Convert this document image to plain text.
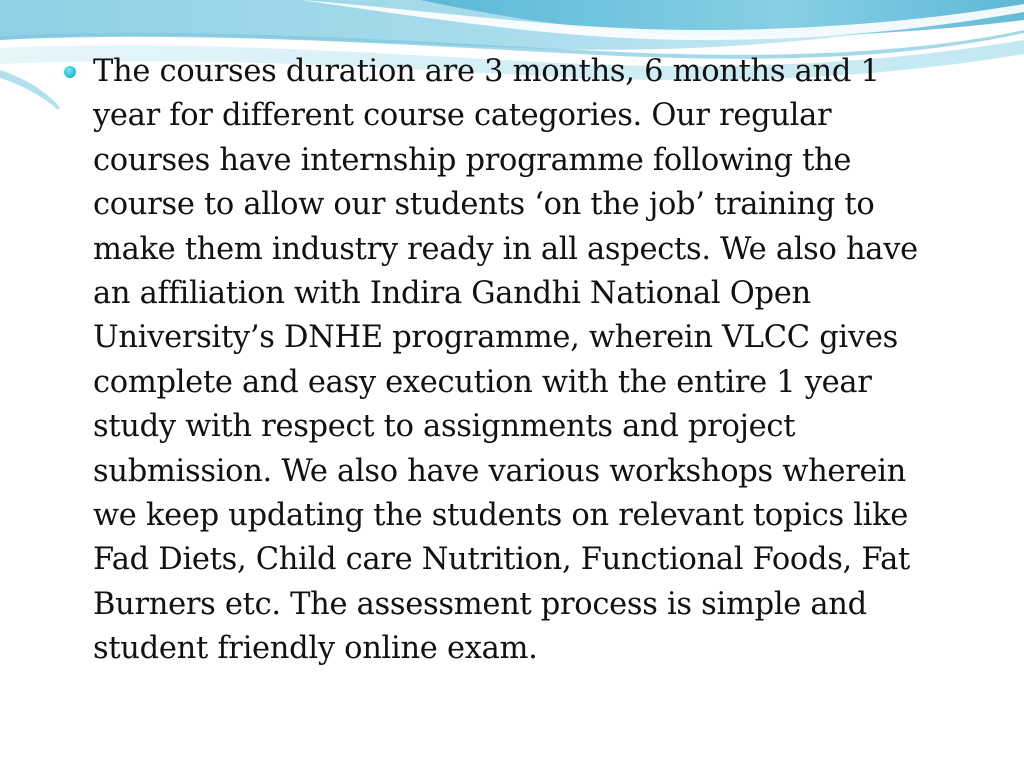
The courses duration are 3 months, 6 months and 1 year for different course categories. Our regular courses have internship programme following the course to allow our students ‘on the job’ training to make them industry ready in all aspects. We also have an affiliation with Indira Gandhi National Open University’s DNHE programme, wherein VLCC gives complete and easy execution with the entire 1 year study with respect to assignments and project submission. We also have various workshops wherein we keep updating the students on relevant topics like Fad Diets, Child care Nutrition, Functional Foods, Fat Burners etc. The assessment process is simple and student friendly online exam.
